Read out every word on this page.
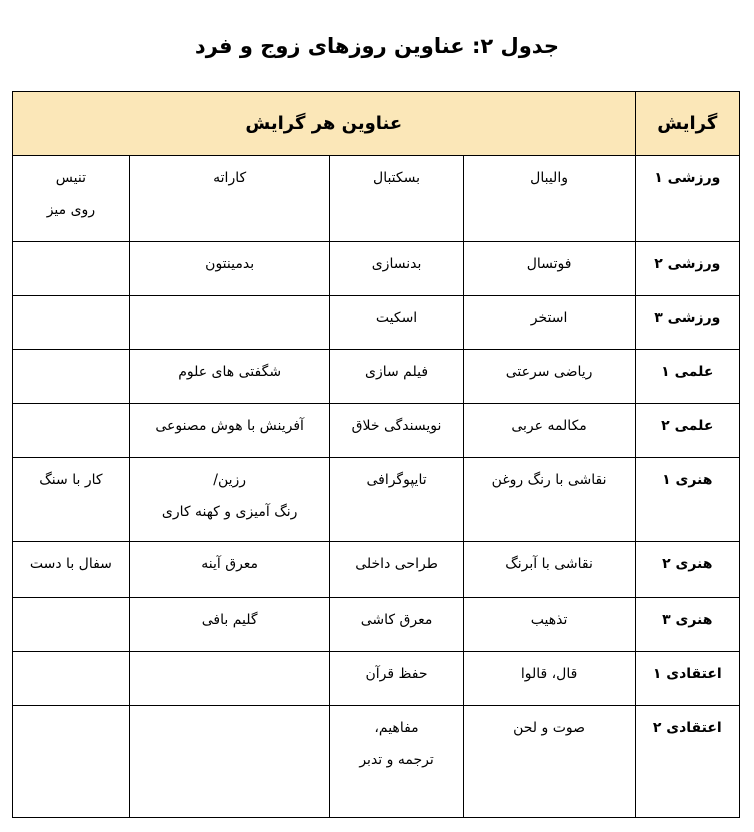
جدول ۲: عناوین روزهای زوج و فرد
گرایش	عناوین هر گرایش			
ورزشی ۱	والیبال	بسکتبال	کاراته	تنیس
روی میز

ورزشی ۲	فوتسال	بدنسازی	بدمینتون	

ورزشی ۳	استخر	اسکیت		

علمی ۱	ریاضی سرعتی	فیلم سازی	شگفتی های علوم	

علمی ۲	مکالمه عربی	نویسندگی خلاق	آفرینش با هوش مصنوعی	

هنری ۱	نقاشی با رنگ روغن	تایپوگرافی	رزین/
رنگ آمیزی و کهنه کاری	کار با سنگ

هنری ۲	نقاشی با آبرنگ	طراحی داخلی	معرق آینه	سفال با دست

هنری ۳	تذهیب	معرق کاشی	گلیم بافی	

اعتقادی ۱	قال، قالوا	حفظ قرآن		

اعتقادی ۲	صوت و لحن	مفاهیم،
ترجمه و تدبر		
